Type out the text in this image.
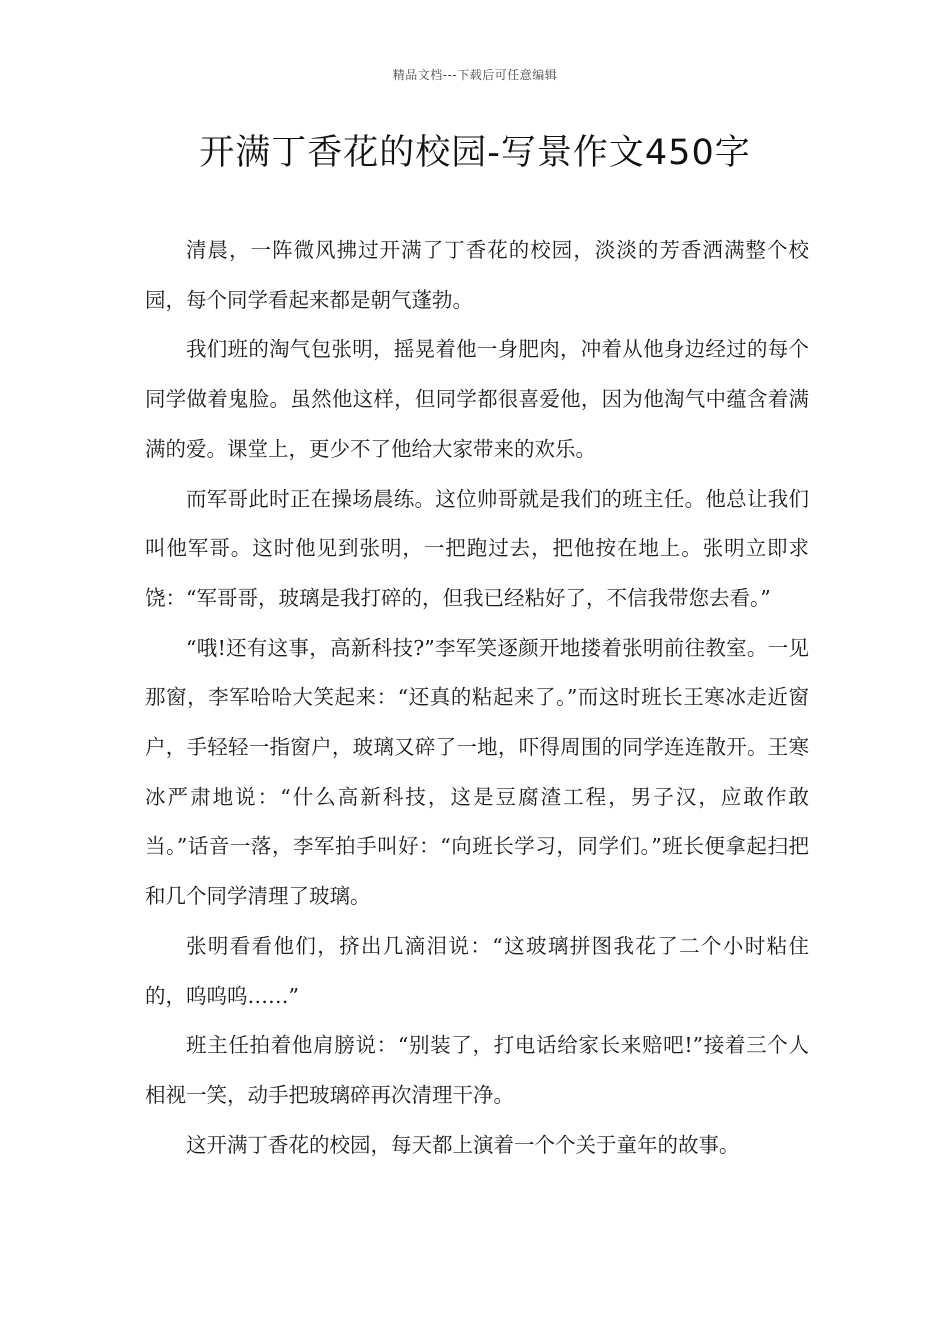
精品文档---下载后可任意编辑
开满丁香花的校园-写景作文450字

清晨，一阵微风拂过开满了丁香花的校园，淡淡的芳香洒满整个校园，每个同学看起来都是朝气蓬勃。

我们班的淘气包张明，摇晃着他一身肥肉，冲着从他身边经过的每个同学做着鬼脸。虽然他这样，但同学都很喜爱他，因为他淘气中蕴含着满满的爱。课堂上，更少不了他给大家带来的欢乐。

而军哥此时正在操场晨练。这位帅哥就是我们的班主任。他总让我们叫他军哥。这时他见到张明，一把跑过去，把他按在地上。张明立即求饶：“军哥哥，玻璃是我打碎的，但我已经粘好了，不信我带您去看。”

“哦!还有这事，高新科技?”李军笑逐颜开地搂着张明前往教室。一见那窗，李军哈哈大笑起来：“还真的粘起来了。”而这时班长王寒冰走近窗户，手轻轻一指窗户，玻璃又碎了一地，吓得周围的同学连连散开。王寒冰严肃地说：“什么高新科技，这是豆腐渣工程，男子汉，应敢作敢当。”话音一落，李军拍手叫好：“向班长学习，同学们。”班长便拿起扫把和几个同学清理了玻璃。

张明看看他们，挤出几滴泪说：“这玻璃拼图我花了二个小时粘住的，呜呜呜……”

班主任拍着他肩膀说：“别装了，打电话给家长来赔吧!”接着三个人相视一笑，动手把玻璃碎再次清理干净。

这开满丁香花的校园，每天都上演着一个个关于童年的故事。
